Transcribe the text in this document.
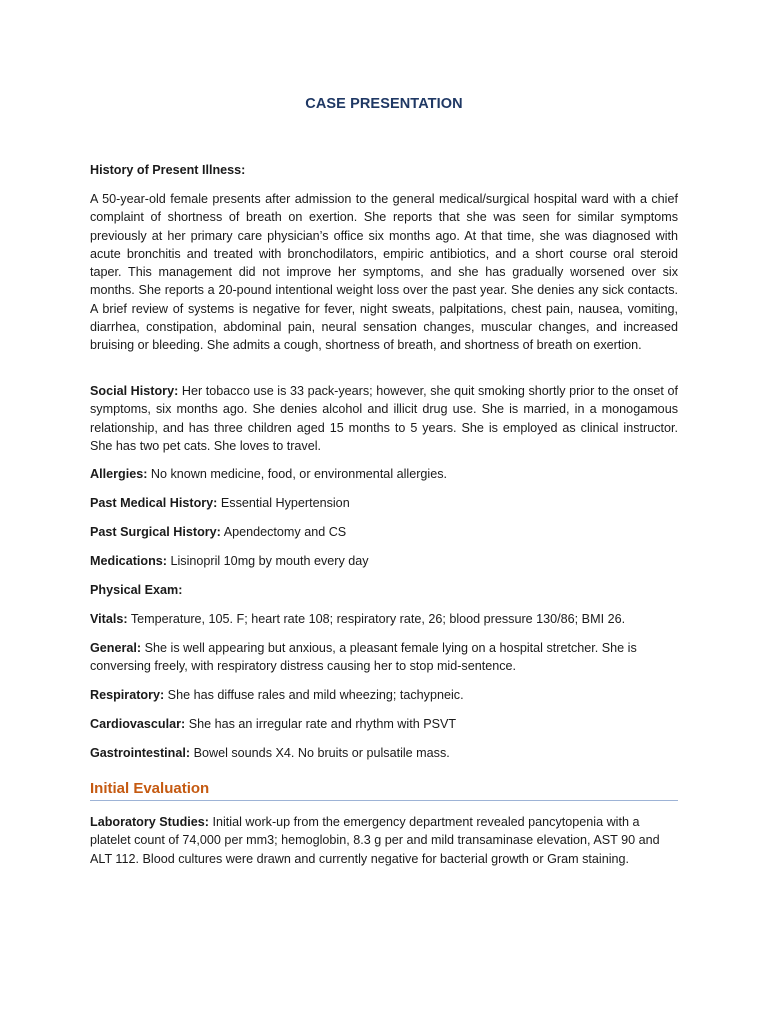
CASE PRESENTATION
History of Present Illness:
A 50-year-old female presents after admission to the general medical/surgical hospital ward with a chief complaint of shortness of breath on exertion. She reports that she was seen for similar symptoms previously at her primary care physician’s office six months ago. At that time, she was diagnosed with acute bronchitis and treated with bronchodilators, empiric antibiotics, and a short course oral steroid taper. This management did not improve her symptoms, and she has gradually worsened over six months. She reports a 20-pound intentional weight loss over the past year. She denies any sick contacts. A brief review of systems is negative for fever, night sweats, palpitations, chest pain, nausea, vomiting, diarrhea, constipation, abdominal pain, neural sensation changes, muscular changes, and increased bruising or bleeding. She admits a cough, shortness of breath, and shortness of breath on exertion.
Social History: Her tobacco use is 33 pack-years; however, she quit smoking shortly prior to the onset of symptoms, six months ago. She denies alcohol and illicit drug use. She is married, in a monogamous relationship, and has three children aged 15 months to 5 years. She is employed as clinical instructor. She has two pet cats. She loves to travel.
Allergies: No known medicine, food, or environmental allergies.
Past Medical History: Essential Hypertension
Past Surgical History: Apendectomy and CS
Medications: Lisinopril 10mg by mouth every day
Physical Exam:
Vitals: Temperature, 105. F; heart rate 108; respiratory rate, 26; blood pressure 130/86; BMI 26.
General: She is well appearing but anxious, a pleasant female lying on a hospital stretcher. She is conversing freely, with respiratory distress causing her to stop mid-sentence.
Respiratory: She has diffuse rales and mild wheezing; tachypneic.
Cardiovascular: She has an irregular rate and rhythm with PSVT
Gastrointestinal: Bowel sounds X4. No bruits or pulsatile mass.
Initial Evaluation
Laboratory Studies: Initial work-up from the emergency department revealed pancytopenia with a platelet count of 74,000 per mm3; hemoglobin, 8.3 g per and mild transaminase elevation, AST 90 and ALT 112. Blood cultures were drawn and currently negative for bacterial growth or Gram staining.
